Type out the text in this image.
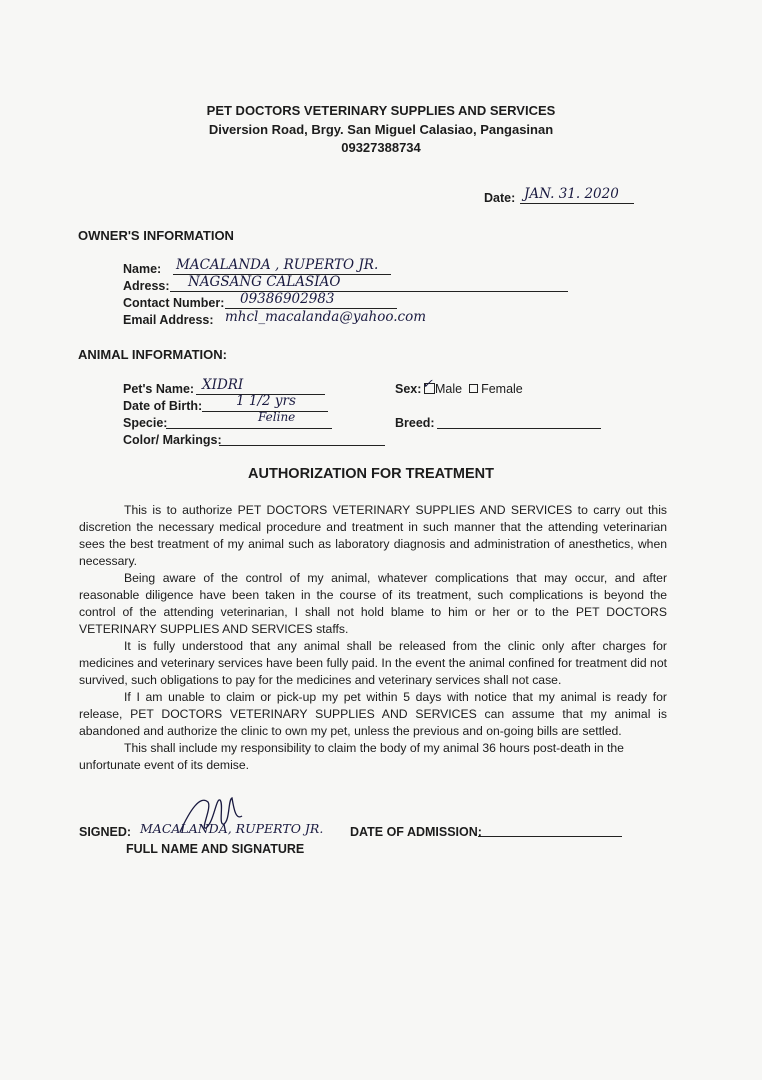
PET DOCTORS VETERINARY SUPPLIES AND SERVICES
Diversion Road, Brgy. San Miguel Calasiao, Pangasinan
09327388734
Date: JAN. 31. 2020
OWNER'S INFORMATION
Name: MACALANDA , RUPERTO JR.
Adress: NAGSANG CALASIAO
Contact Number: 09386902983
Email Address: mhcl_macalanda@yahoo.com
ANIMAL INFORMATION:
Pet's Name: XIDRI
Date of Birth:	1 1/2 yrs
Specie:	Feline
Color/ Markings:
Sex: ✓ Male Female
Breed:
AUTHORIZATION FOR TREATMENT

This is to authorize PET DOCTORS VETERINARY SUPPLIES AND SERVICES to carry out this discretion the necessary medical procedure and treatment in such manner that the attending veterinarian sees the best treatment of my animal such as laboratory diagnosis and administration of anesthetics, when necessary.

Being aware of the control of my animal, whatever complications that may occur, and after reasonable diligence have been taken in the course of its treatment, such complications is beyond the control of the attending veterinarian, I shall not hold blame to him or her or to the PET DOCTORS VETERINARY SUPPLIES AND SERVICES staffs.

It is fully understood that any animal shall be released from the clinic only after charges for medicines and veterinary services have been fully paid. In the event the animal confined for treatment did not survived, such obligations to pay for the medicines and veterinary services shall not case.

If I am unable to claim or pick-up my pet within 5 days with notice that my animal is ready for release, PET DOCTORS VETERINARY SUPPLIES AND SERVICES can assume that my animal is abandoned and authorize the clinic to own my pet, unless the previous and on-going bills are settled.

This shall include my responsibility to claim the body of my animal 36 hours post-death in the unfortunate event of its demise.

SIGNED: MACALANDA, RUPERTO JR.
FULL NAME AND SIGNATURE
DATE OF ADMISSION:
